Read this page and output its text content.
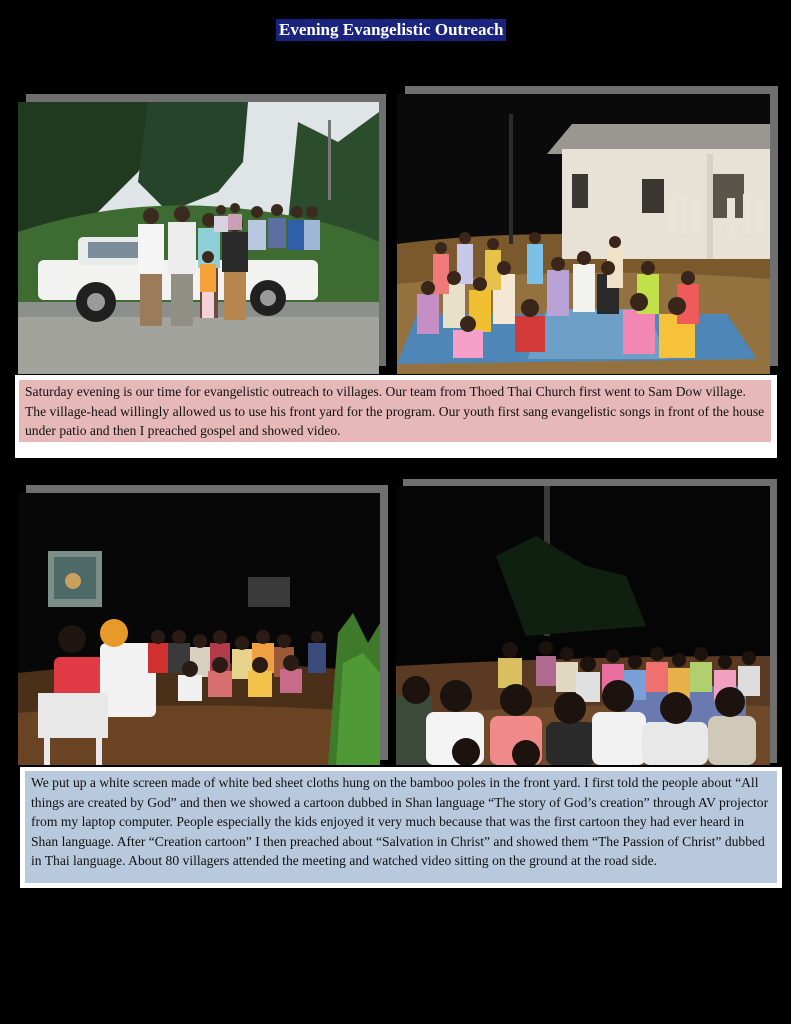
Evening Evangelistic Outreach
Saturday evening is our time for evangelistic outreach to villages. Our team from Thoed Thai Church first went to Sam Dow village. The village-head willingly allowed us to use his front yard for the program. Our youth first sang evangelistic songs in front of the house under patio and then I preached gospel and showed video.
We put up a white screen made of white bed sheet cloths hung on the bamboo poles in the front yard. I first told the people about “All things are created by God” and then we showed a cartoon dubbed in Shan language “The story of God’s creation” through AV projector from my laptop computer. People especially the kids enjoyed it very much because that was the first cartoon they had ever heard in Shan language. After “Creation cartoon” I then preached about “Salvation in Christ” and showed them “The Passion of Christ” dubbed in Thai language. About 80 villagers attended the meeting and watched video sitting on the ground at the road side.
